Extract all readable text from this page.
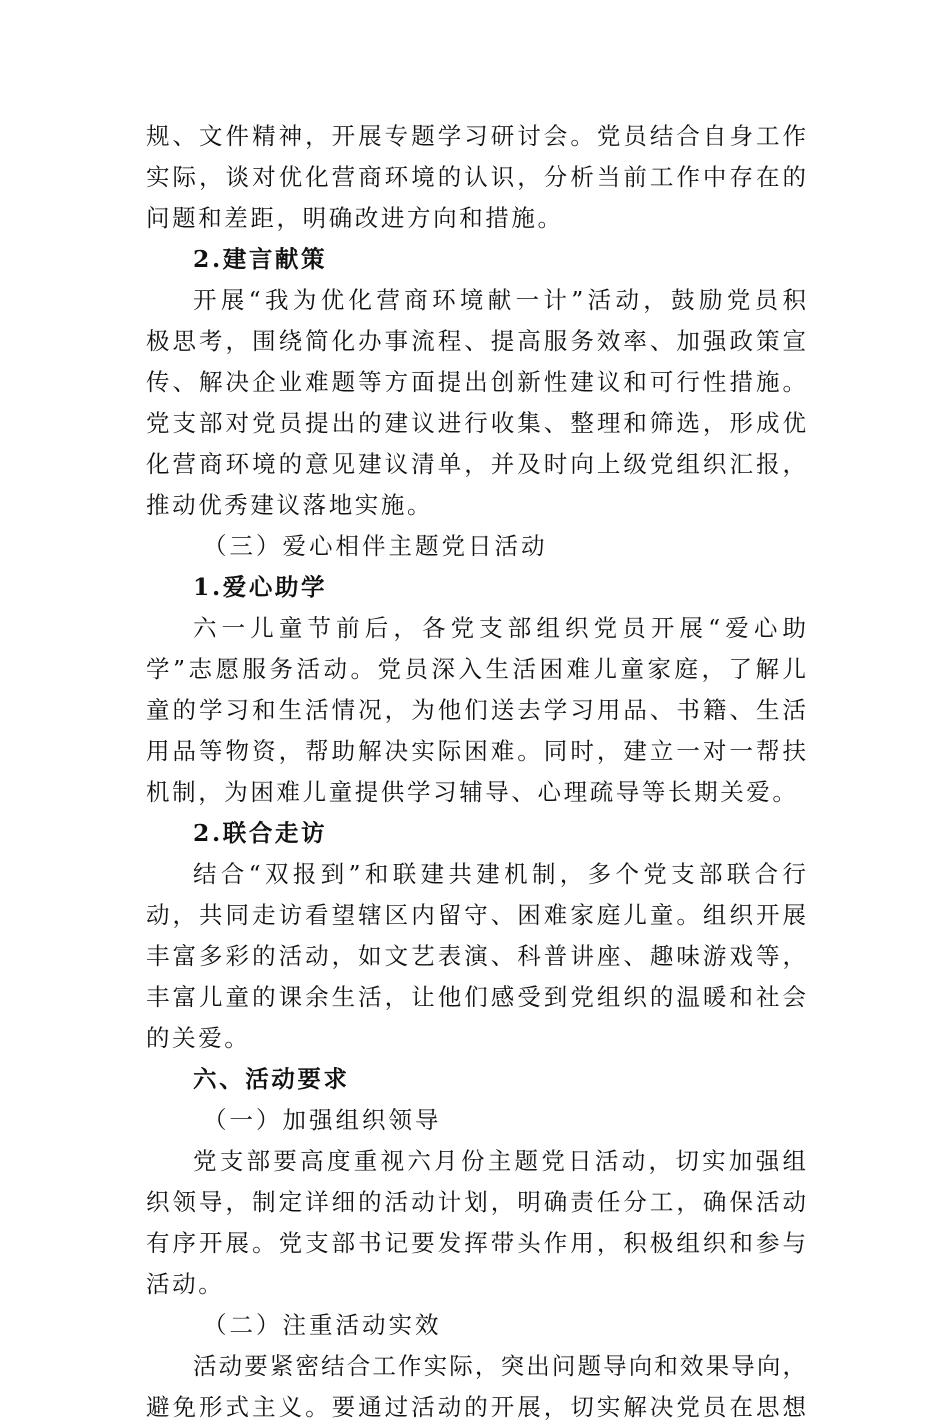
规、文件精神，开展专题学习研讨会。党员结合自身工作
实际，谈对优化营商环境的认识，分析当前工作中存在的
问题和差距，明确改进方向和措施。
2.建言献策
开展“我为优化营商环境献一计”活动，鼓励党员积
极思考，围绕简化办事流程、提高服务效率、加强政策宣
传、解决企业难题等方面提出创新性建议和可行性措施。
党支部对党员提出的建议进行收集、整理和筛选，形成优
化营商环境的意见建议清单，并及时向上级党组织汇报，
推动优秀建议落地实施。
（三）爱心相伴主题党日活动
1.爱心助学
六一儿童节前后，各党支部组织党员开展“爱心助
学”志愿服务活动。党员深入生活困难儿童家庭，了解儿
童的学习和生活情况，为他们送去学习用品、书籍、生活
用品等物资，帮助解决实际困难。同时，建立一对一帮扶
机制，为困难儿童提供学习辅导、心理疏导等长期关爱。
2.联合走访
结合“双报到”和联建共建机制，多个党支部联合行
动，共同走访看望辖区内留守、困难家庭儿童。组织开展
丰富多彩的活动，如文艺表演、科普讲座、趣味游戏等，
丰富儿童的课余生活，让他们感受到党组织的温暖和社会
的关爱。
六、活动要求
（一）加强组织领导
党支部要高度重视六月份主题党日活动，切实加强组
织领导，制定详细的活动计划，明确责任分工，确保活动
有序开展。党支部书记要发挥带头作用，积极组织和参与
活动。
（二）注重活动实效
活动要紧密结合工作实际，突出问题导向和效果导向，
避免形式主义。要通过活动的开展，切实解决党员在思想
